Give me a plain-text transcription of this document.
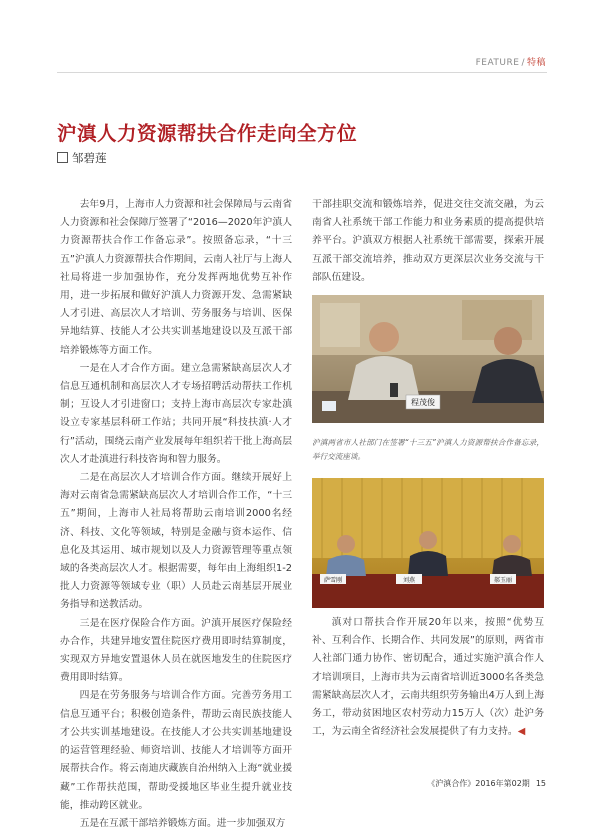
FEATURE / 特稿
沪滇人力资源帮扶合作走向全方位
邹碧莲

去年9月，上海市人力资源和社会保障局与云南省人力资源和社会保障厅签署了“2016—2020年沪滇人力资源帮扶合作工作备忘录”。按照备忘录，“十三五”沪滇人力资源帮扶合作期间，云南人社厅与上海人社局将进一步加强协作，充分发挥两地优势互补作用，进一步拓展和做好沪滇人力资源开发、急需紧缺人才引进、高层次人才培训、劳务服务与培训、医保异地结算、技能人才公共实训基地建设以及互派干部培养锻炼等方面工作。

一是在人才合作方面。建立急需紧缺高层次人才信息互通机制和高层次人才专场招聘活动帮扶工作机制；互设人才引进窗口；支持上海市高层次专家赴滇设立专家基层科研工作站；共同开展“科技扶滇·人才行”活动，围绕云南产业发展每年组织若干批上海高层次人才赴滇进行科技咨询和智力服务。

二是在高层次人才培训合作方面。继续开展好上海对云南省急需紧缺高层次人才培训合作工作，“十三五”期间，上海市人社局将帮助云南培训2000名经济、科技、文化等领域，特别是金融与资本运作、信息化及其运用、城市规划以及人力资源管理等重点领域的各类高层次人才。根据需要，每年由上海组织1-2批人力资源等领域专业（职）人员赴云南基层开展业务指导和送教活动。

三是在医疗保险合作方面。沪滇开展医疗保险经办合作，共建异地安置住院医疗费用即时结算制度，实现双方异地安置退休人员在就医地发生的住院医疗费用即时结算。

四是在劳务服务与培训合作方面。完善劳务用工信息互通平台；积极创造条件，帮助云南民族技能人才公共实训基地建设。在技能人才公共实训基地建设的运营管理经验、师资培训、技能人才培训等方面开展帮扶合作。将云南迪庆藏族自治州纳入上海“就业援藏”工作帮扶范围，帮助受援地区毕业生提升就业技能，推动跨区就业。

五是在互派干部培养锻炼方面。进一步加强双方

干部挂职交流和锻炼培养，促进交往交流交融，为云南省人社系统干部工作能力和业务素质的提高提供培养平台。沪滇双方根据人社系统干部需要，探索开展互派干部交流培养，推动双方更深层次业务交流与干部队伍建设。

程茂俊
沪滇两省市人社部门在签署“十三五”沪滇人力资源帮扶合作备忘录，举行交流座谈。
萨雪刚	刘燕	郝玉丽

滇对口帮扶合作开展20年以来，按照“优势互补、互利合作、长期合作、共同发展”的原则，两省市人社部门通力协作、密切配合，通过实施沪滇合作人才培训项目，上海市共为云南省培训近3000名各类急需紧缺高层次人才，云南共组织劳务输出4万人到上海务工，带动贫困地区农村劳动力15万人（次）赴沪务工，为云南全省经济社会发展提供了有力支持。◀

《沪滇合作》2016年第02期 15
